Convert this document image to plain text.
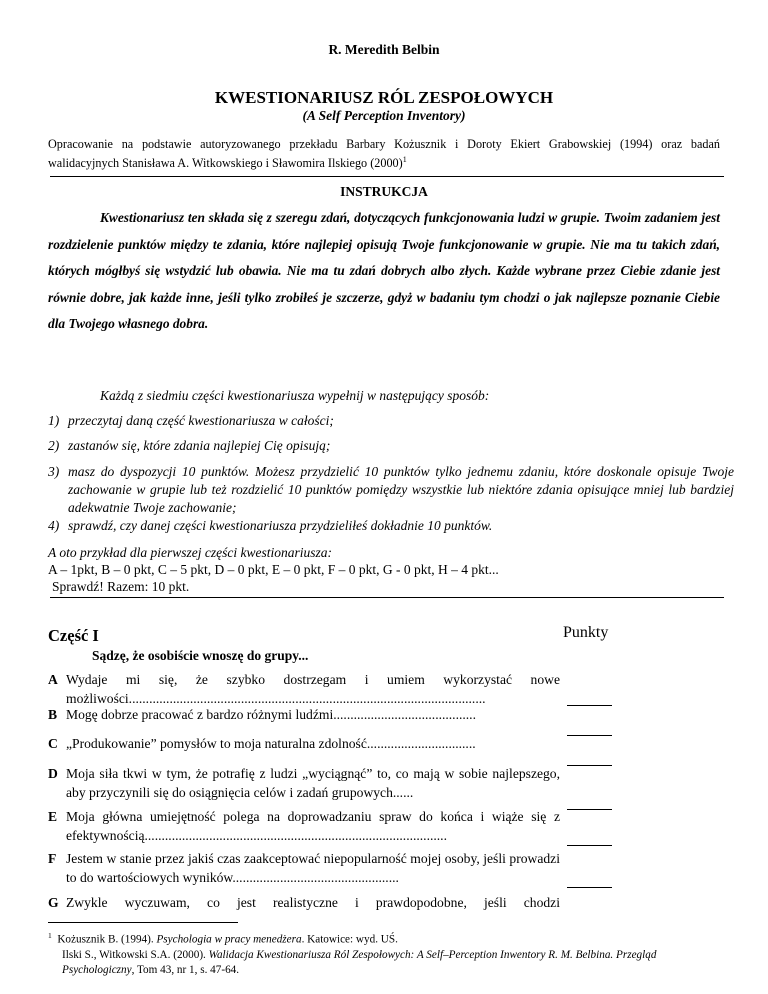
R. Meredith Belbin
KWESTIONARIUSZ RÓL ZESPOŁOWYCH
(A Self Perception Inventory)
Opracowanie na podstawie autoryzowanego przekładu Barbary Kożusznik i Doroty Ekiert Grabowskiej (1994) oraz badań walidacyjnych Stanisława A. Witkowskiego i Sławomira Ilskiego $(2000)^1$
INSTRUKCJA
Kwestionariusz ten składa się z szeregu zdań, dotyczących funkcjonowania ludzi w grupie. Twoim zadaniem jest rozdzielenie punktów między te zdania, które najlepiej opisują Twoje funkcjonowanie w grupie. Nie ma tu takich zdań, których mógłbyś się wstydzić lub obawia. Nie ma tu zdań dobrych albo złych. Każde wybrane przez Ciebie zdanie jest równie dobre, jak każde inne, jeśli tylko zrobiłeś je szczerze, gdyż w badaniu tym chodzi o jak najlepsze poznanie Ciebie dla Twojego własnego dobra.
Każdą z siedmiu części kwestionariusza wypełnij w następujący sposób:
1) przeczytaj daną część kwestionariusza w całości;
2) zastanów się, które zdania najlepiej Cię opisują;
3) masz do dyspozycji 10 punktów. Możesz przydzielić 10 punktów tylko jednemu zdaniu, które doskonale opisuje Twoje zachowanie w grupie lub też rozdzielić 10 punktów pomiędzy wszystkie lub niektóre zdania opisujące mniej lub bardziej adekwatnie Twoje zachowanie;
4) sprawdź, czy danej części kwestionariusza przydzieliłeś dokładnie 10 punktów.
A oto przykład dla pierwszej części kwestionariusza:
A – 1pkt, B – 0 pkt, C – 5 pkt, D – 0 pkt, E – 0 pkt, F – 0 pkt, G - 0 pkt, H – 4 pkt...
Sprawdź! Razem: 10 pkt.
Część I	Punkty
Sądzę, że osobiście wnoszę do grupy...
A Wydaje mi się, że szybko dostrzegam i umiem wykorzystać nowe możliwości.........................................................................................................
B Mogę dobrze pracować z bardzo różnymi ludźmi..........................................
C „Produkowanie” pomysłów to moja naturalna zdolność................................
D Moja siła tkwi w tym, że potrafię z ludzi „wyciągnąć” to, co mają w sobie najlepszego, aby przyczynili się do osiągnięcia celów i zadań grupowych......
E Moja główna umiejętność polega na doprowadzaniu spraw do końca i wiąże się z efektywnością.........................................................................................
F Jestem w stanie przez jakiś czas zaakceptować niepopularność mojej osoby, jeśli prowadzi to do wartościowych wyników.................................................
G Zwykle wyczuwam, co jest realistyczne i prawdopodobne, jeśli chodzi
$^1$ Kożusznik B. (1994). Psychologia w pracy menedżera. Katowice: wyd. UŚ.
Ilski S., Witkowski S.A. (2000). Walidacja Kwestionariusza Ról Zespołowych: A Self–Perception Inwentory R. M. Belbina. Przegląd Psychologiczny, Tom 43, nr 1, s. 47-64.
